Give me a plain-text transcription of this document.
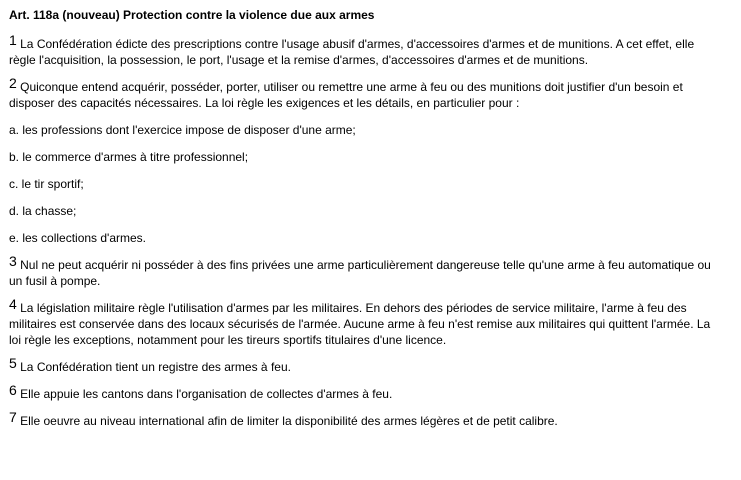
Art. 118a (nouveau) Protection contre la violence due aux armes
1 La Confédération édicte des prescriptions contre l'usage abusif d'armes, d'accessoires d'armes et de munitions. A cet effet, elle règle l'acquisition, la possession, le port, l'usage et la remise d'armes, d'accessoires d'armes et de munitions.
2 Quiconque entend acquérir, posséder, porter, utiliser ou remettre une arme à feu ou des munitions doit justifier d'un besoin et disposer des capacités nécessaires. La loi règle les exigences et les détails, en particulier pour :
a. les professions dont l'exercice impose de disposer d'une arme;
b. le commerce d'armes à titre professionnel;
c. le tir sportif;
d. la chasse;
e. les collections d'armes.
3 Nul ne peut acquérir ni posséder à des fins privées une arme particulièrement dangereuse telle qu'une arme à feu automatique ou un fusil à pompe.
4 La législation militaire règle l'utilisation d'armes par les militaires. En dehors des périodes de service militaire, l'arme à feu des militaires est conservée dans des locaux sécurisés de l'armée. Aucune arme à feu n'est remise aux militaires qui quittent l'armée. La loi règle les exceptions, notamment pour les tireurs sportifs titulaires d'une licence.
5 La Confédération tient un registre des armes à feu.
6 Elle appuie les cantons dans l'organisation de collectes d'armes à feu.
7 Elle oeuvre au niveau international afin de limiter la disponibilité des armes légères et de petit calibre.
